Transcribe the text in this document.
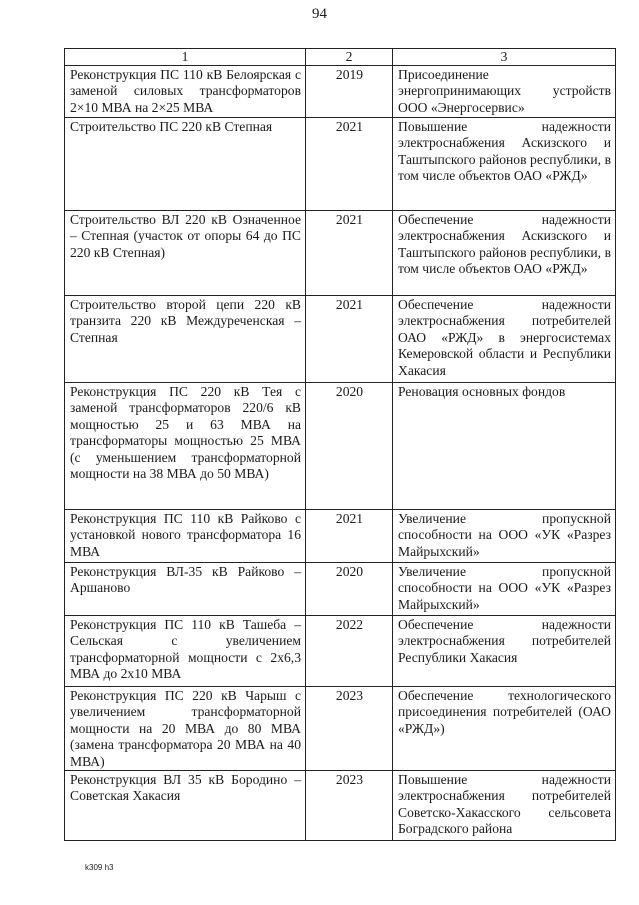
94
1	2	3
Реконструкция ПС 110 кВ Белоярская с заменой силовых трансформаторов 2×10 МВА на 2×25 МВА	2019	Присоединение энергопринимающих устройств ООО «Энергосервис»
Строительство ПС 220 кВ Степная	2021	Повышение надежности электроснабжения Аскизского и Таштыпского районов республики, в том числе объектов ОАО «РЖД»
Строительство ВЛ 220 кВ Означенное – Степная (участок от опоры 64 до ПС 220 кВ Степная)	2021	Обеспечение надежности электроснабжения Аскизского и Таштыпского районов республики, в том числе объектов ОАО «РЖД»
Строительство второй цепи 220 кВ транзита 220 кВ Междуреченская – Степная	2021	Обеспечение надежности электроснабжения потребителей ОАО «РЖД» в энергосистемах Кемеровской области и Республики Хакасия
Реконструкция ПС 220 кВ Тея с заменой трансформаторов 220/6 кВ мощностью 25 и 63 МВА на трансформаторы мощностью 25 МВА (с уменьшением трансформаторной мощности на 38 МВА до 50 МВА)	2020	Реновация основных фондов
Реконструкция ПС 110 кВ Райково с установкой нового трансформатора 16 МВА	2021	Увеличение пропускной способности на ООО «УК «Разрез Майрыхский»
Реконструкция ВЛ-35 кВ Райково – Аршаново	2020	Увеличение пропускной способности на ООО «УК «Разрез Майрыхский»
Реконструкция ПС 110 кВ Ташеба – Сельская с увеличением трансформаторной мощности с 2х6,3 МВА до 2х10 МВА	2022	Обеспечение надежности электроснабжения потребителей Республики Хакасия
Реконструкция ПС 220 кВ Чарыш с увеличением трансформаторной мощности на 20 МВА до 80 МВА (замена трансформатора 20 МВА на 40 МВА)	2023	Обеспечение технологического присоединения потребителей (ОАО «РЖД»)
Реконструкция ВЛ 35 кВ Бородино – Советская Хакасия	2023	Повышение надежности электроснабжения потребителей Советско-Хакасского сельсовета Боградского района
k309 h3
